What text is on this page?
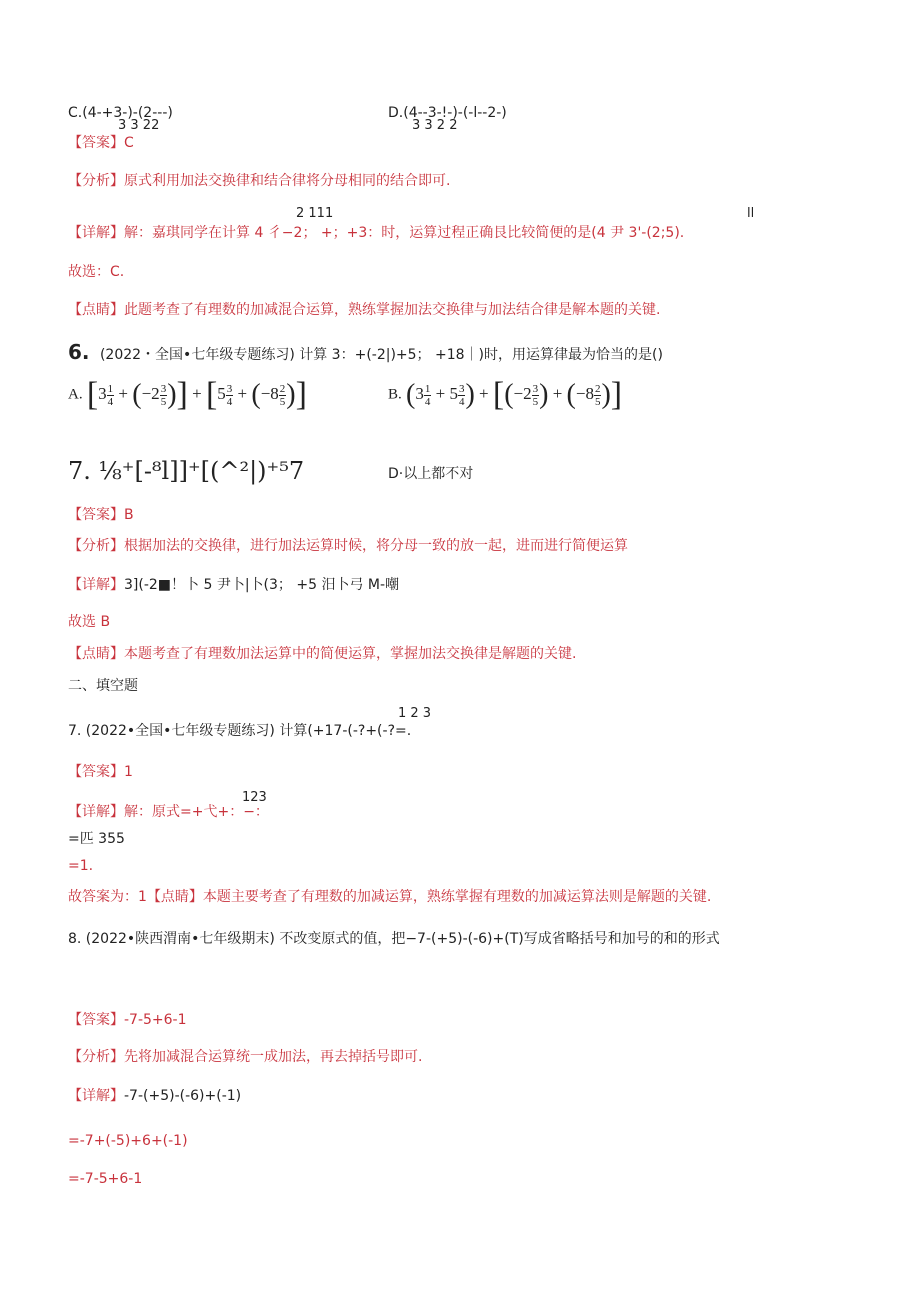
C.(4-+3-)-(2---)
3 3 22
D.(4--3-!-)-(-l--2-)
3 3 2 2
【答案】C
【分析】原式利用加法交换律和结合律将分母相同的结合即可.
2 111	ll
【详解】解：嘉琪同学在计算 4 彳−2； +；+3：时，运算过程正确艮比较简便的是(4 尹 3'-(2;5).
故选：C.
【点睛】此题考查了有理数的加减混合运算，熟练掌握加法交换律与加法结合律是解本题的关键.
6. (2022・全国•七年级专题练习) 计算 3：+(-2|)+5； +18｜)时，用运算律最为恰当的是()
A. [$3 \frac{1}{4} + (-2 \frac{3}{5}$ )] + [$5 \frac{3}{4} + (-8 \frac{2}{5}$ )]	B. ($3 \frac{1}{4} + 5 \frac{3}{4}$ ) + [($-2 \frac{3}{5}$ ) + ($-8 \frac{2}{5}$ )]
7. ⅛⁺[-⁸l]]⁺[(^²|)⁺⁵7	D·以上都不对
【答案】B
【分析】根据加法的交换律，进行加法运算时候，将分母一致的放一起，进而进行简便运算
【详解】3](-2■！卜 5 尹卜|卜(3； +5 汨卜弓 M-嘲
故选 B
【点睛】本题考查了有理数加法运算中的简便运算，掌握加法交换律是解题的关键.
二、填空题
1 2 3
7. (2022•全国•七年级专题练习) 计算(+17-(-?+(-?=.
【答案】1
123
【详解】解：原式=+弋+：−：
=匹 355
=1.
故答案为：1【点睛】本题主要考查了有理数的加减运算，熟练掌握有理数的加减运算法则是解题的关键.
8. (2022•陕西渭南•七年级期末) 不改变原式的值，把−7-(+5)-(-6)+(T)写成省略括号和加号的和的形式
【答案】-7-5+6-1
【分析】先将加减混合运算统一成加法，再去掉括号即可.
【详解】-7-(+5)-(-6)+(-1)
=-7+(-5)+6+(-1)
=-7-5+6-1
